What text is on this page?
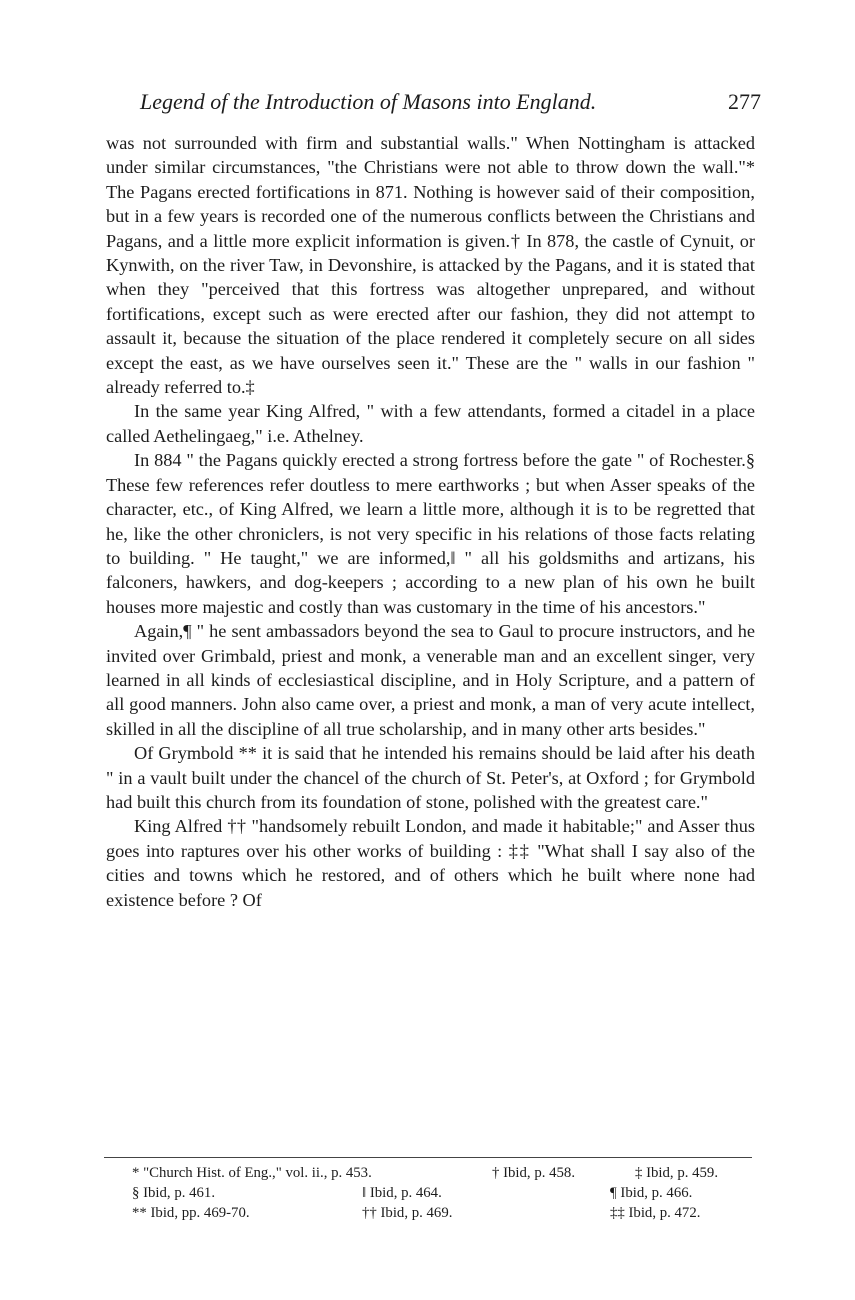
Legend of the Introduction of Masons into England.	277

was not surrounded with firm and substantial walls." When Nottingham is attacked under similar circumstances, "the Christians were not able to throw down the wall."* The Pagans erected fortifications in 871. Nothing is however said of their composition, but in a few years is recorded one of the numerous conflicts between the Christians and Pagans, and a little more explicit information is given.† In 878, the castle of Cynuit, or Kynwith, on the river Taw, in Devonshire, is attacked by the Pagans, and it is stated that when they "perceived that this fortress was altogether unprepared, and without fortifications, except such as were erected after our fashion, they did not attempt to assault it, because the situation of the place rendered it completely secure on all sides except the east, as we have ourselves seen it." These are the " walls in our fashion " already referred to.‡

In the same year King Alfred, " with a few attendants, formed a citadel in a place called Aethelingaeg," i.e. Athelney.

In 884 " the Pagans quickly erected a strong fortress before the gate " of Rochester.§ These few references refer doutless to mere earthworks ; but when Asser speaks of the character, etc., of King Alfred, we learn a little more, although it is to be regretted that he, like the other chroniclers, is not very specific in his relations of those facts relating to building. " He taught," we are informed,‖ " all his goldsmiths and artizans, his falconers, hawkers, and dog-keepers ; according to a new plan of his own he built houses more majestic and costly than was customary in the time of his ancestors."

Again,¶ " he sent ambassadors beyond the sea to Gaul to procure instructors, and he invited over Grimbald, priest and monk, a venerable man and an excellent singer, very learned in all kinds of ecclesiastical discipline, and in Holy Scripture, and a pattern of all good manners. John also came over, a priest and monk, a man of very acute intellect, skilled in all the discipline of all true scholarship, and in many other arts besides."

Of Grymbold ** it is said that he intended his remains should be laid after his death " in a vault built under the chancel of the church of St. Peter's, at Oxford ; for Grymbold had built this church from its foundation of stone, polished with the greatest care."

King Alfred †† "handsomely rebuilt London, and made it habitable;" and Asser thus goes into raptures over his other works of building : ‡‡ "What shall I say also of the cities and towns which he restored, and of others which he built where none had existence before ? Of

* "Church Hist. of Eng.," vol. ii., p. 453.	† Ibid, p. 458.	‡ Ibid, p. 459.
§ Ibid, p. 461.	‖ Ibid, p. 464.	¶ Ibid, p. 466.
** Ibid, pp. 469-70.	†† Ibid, p. 469.	‡‡ Ibid, p. 472.
